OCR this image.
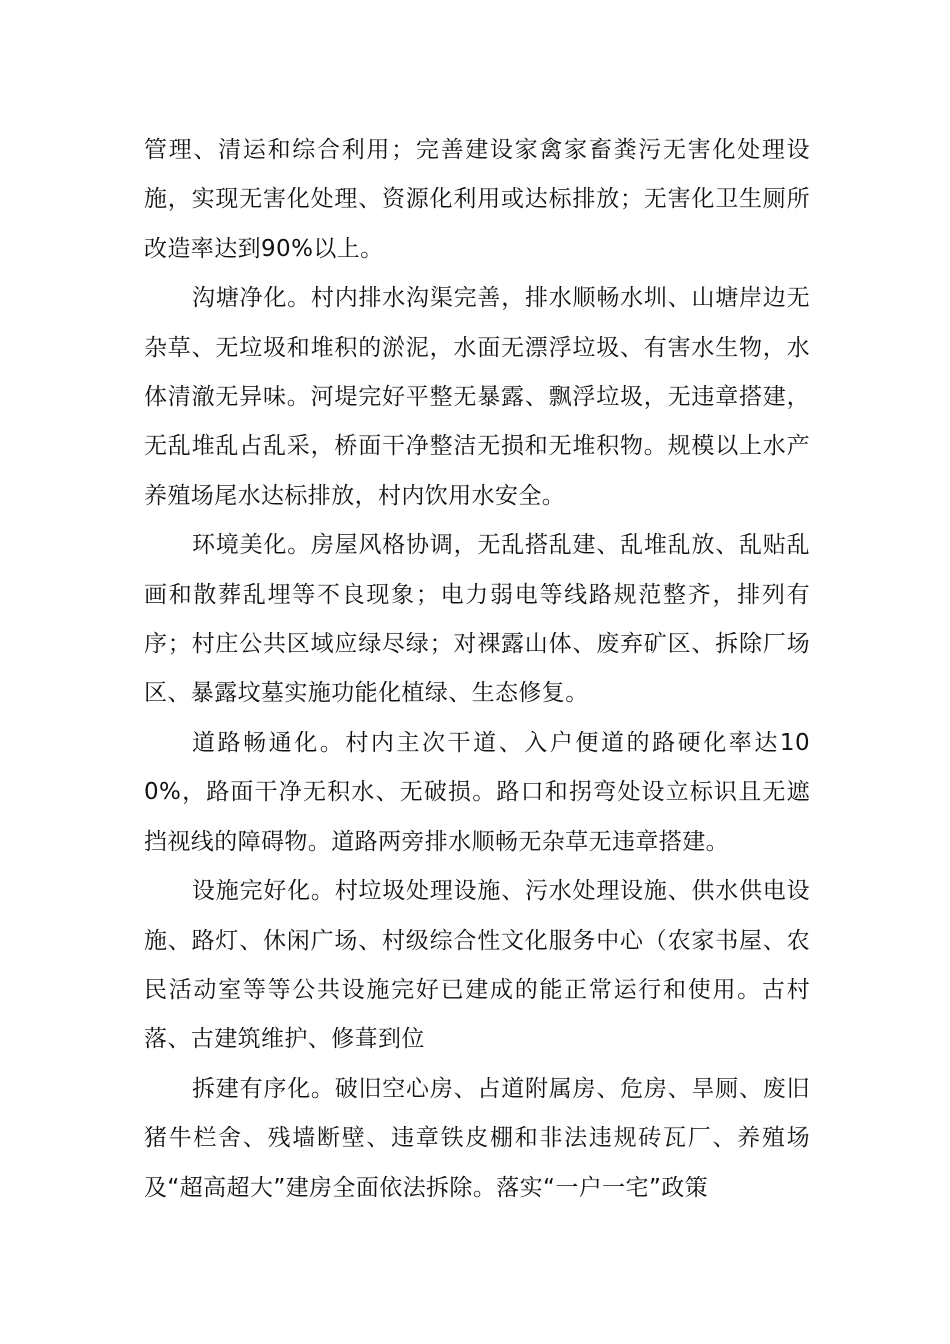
管理、清运和综合利用；完善建设家禽家畜粪污无害化处理设施，实现无害化处理、资源化利用或达标排放；无害化卫生厕所改造率达到90%以上。

沟塘净化。村内排水沟渠完善，排水顺畅水圳、山塘岸边无杂草、无垃圾和堆积的淤泥，水面无漂浮垃圾、有害水生物，水体清澈无异味。河堤完好平整无暴露、飘浮垃圾，无违章搭建，无乱堆乱占乱采，桥面干净整洁无损和无堆积物。规模以上水产养殖场尾水达标排放，村内饮用水安全。

环境美化。房屋风格协调，无乱搭乱建、乱堆乱放、乱贴乱画和散葬乱埋等不良现象；电力弱电等线路规范整齐，排列有序；村庄公共区域应绿尽绿；对裸露山体、废弃矿区、拆除厂场区、暴露坟墓实施功能化植绿、生态修复。

道路畅通化。村内主次干道、入户便道的路硬化率达100%，路面干净无积水、无破损。路口和拐弯处设立标识且无遮挡视线的障碍物。道路两旁排水顺畅无杂草无违章搭建。

设施完好化。村垃圾处理设施、污水处理设施、供水供电设施、路灯、休闲广场、村级综合性文化服务中心（农家书屋、农民活动室等等公共设施完好已建成的能正常运行和使用。古村落、古建筑维护、修葺到位

拆建有序化。破旧空心房、占道附属房、危房、旱厕、废旧猪牛栏舍、残墙断壁、违章铁皮棚和非法违规砖瓦厂、养殖场及“超高超大”建房全面依法拆除。落实“一户一宅”政策
